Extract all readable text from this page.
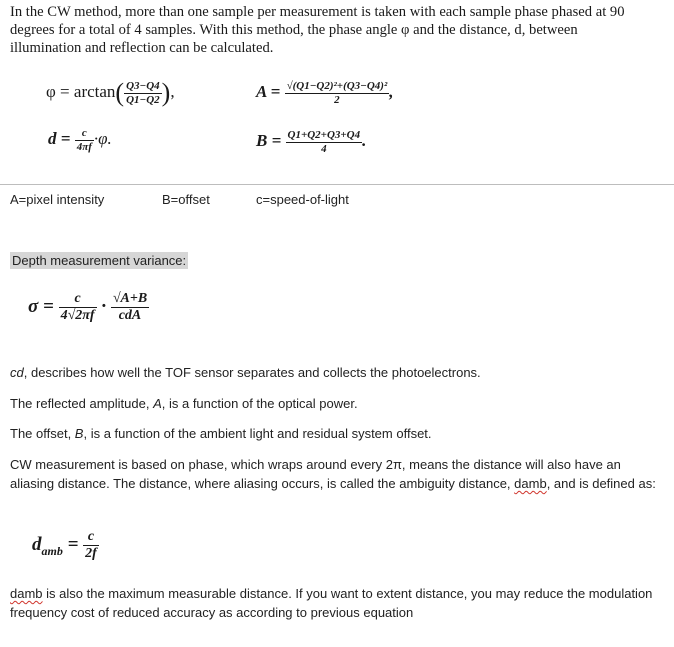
In the CW method, more than one sample per measurement is taken with each sample phase phased at 90 degrees for a total of 4 samples. With this method, the phase angle φ and the distance, d, between illumination and reflection can be calculated.
$\varphi = \arctan( \frac{Q3-Q4}{Q1-Q2}$ ),	$A = \frac{\text{√(Q1−Q2)²+(Q3−Q4)²}}{2}$ ,
$d = \frac{c}{4\pi f} \cdot\varphi$.	$B = \frac{Q1+Q2+Q3+Q4}{4}$ .
A=pixel intensity	B=offset	c=speed-of-light
Depth measurement variance:
$\sigma = \frac{c}{4√2\pi f} \cdot \frac{√A+B}{\text{cdA}}$
cd, describes how well the TOF sensor separates and collects the photoelectrons.
The reflected amplitude, A, is a function of the optical power.
The offset, B, is a function of the ambient light and residual system offset.
CW measurement is based on phase, which wraps around every 2π, means the distance will also have an aliasing distance. The distance, where aliasing occurs, is called the ambiguity distance, damb, and is defined as:
$d_{amb} = \frac{c}{2f}$
damb is also the maximum measurable distance. If you want to extent distance, you may reduce the modulation frequency cost of reduced accuracy as according to previous equation
